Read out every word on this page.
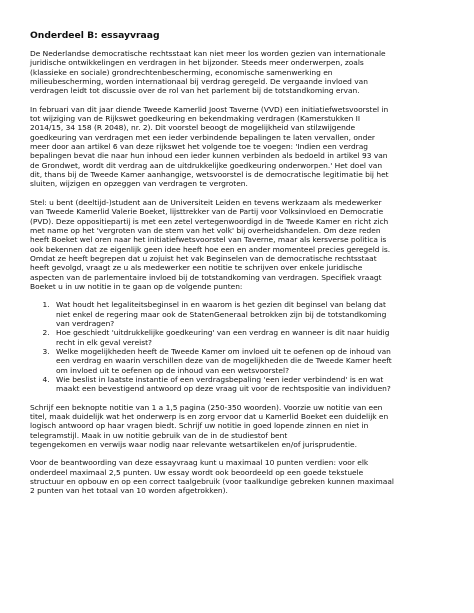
Onderdeel B: essayvraag
De Nederlandse democratische rechtsstaat kan niet meer los worden gezien van internationale
juridische ontwikkelingen en verdragen in het bijzonder. Steeds meer onderwerpen, zoals
(klassieke en sociale) grondrechtenbescherming, economische samenwerking en
milieubescherming, worden internationaal bij verdrag geregeld. De vergaande invloed van
verdragen leidt tot discussie over de rol van het parlement bij de totstandkoming ervan.
In februari van dit jaar diende Tweede Kamerlid Joost Taverne (VVD) een initiatiefwetsvoorstel in
tot wijziging van de Rijkswet goedkeuring en bekendmaking verdragen (Kamerstukken II
2014/15, 34 158 (R 2048), nr. 2). Dit voorstel beoogt de mogelijkheid van stilzwijgende
goedkeuring van verdragen met een ieder verbindende bepalingen te laten vervallen, onder
meer door aan artikel 6 van deze rijkswet het volgende toe te voegen: 'Indien een verdrag
bepalingen bevat die naar hun inhoud een ieder kunnen verbinden als bedoeld in artikel 93 van
de Grondwet, wordt dit verdrag aan de uitdrukkelijke goedkeuring onderworpen.' Het doel van
dit, thans bij de Tweede Kamer aanhangige, wetsvoorstel is de democratische legitimatie bij het
sluiten, wijzigen en opzeggen van verdragen te vergroten.
Stel: u bent (deeltijd-)student aan de Universiteit Leiden en tevens werkzaam als medewerker
van Tweede Kamerlid Valerie Boeket, lijsttrekker van de Partij voor Volksinvloed en Democratie
(PVD). Deze oppositiepartij is met een zetel vertegenwoordigd in de Tweede Kamer en richt zich
met name op het 'vergroten van de stem van het volk' bij overheidshandelen. Om deze reden
heeft Boeket wel oren naar het initiatiefwetsvoorstel van Taverne, maar als kersverse politica is
ook bekennen dat ze eigenlijk geen idee heeft hoe een en ander momenteel precies geregeld is.
Omdat ze heeft begrepen dat u zojuist het vak Beginselen van de democratische rechtsstaat
heeft gevolgd, vraagt ze u als medewerker een notitie te schrijven over enkele juridische
aspecten van de parlementaire invloed bij de totstandkoming van verdragen. Specifiek vraagt
Boeket u in uw notitie in te gaan op de volgende punten:
1. Wat houdt het legaliteitsbeginsel in en waarom is het gezien dit beginsel van belang dat
niet enkel de regering maar ook de StatenGeneraal betrokken zijn bij de totstandkoming
van verdragen?
2. Hoe geschiedt 'uitdrukkelijke goedkeuring' van een verdrag en wanneer is dit naar huidig
recht in elk geval vereist?
3. Welke mogelijkheden heeft de Tweede Kamer om invloed uit te oefenen op de inhoud van
een verdrag en waarin verschillen deze van de mogelijkheden die de Tweede Kamer heeft
om invloed uit te oefenen op de inhoud van een wetsvoorstel?
4. Wie beslist in laatste instantie of een verdragsbepaling 'een ieder verbindend' is en wat
maakt een bevestigend antwoord op deze vraag uit voor de rechtspositie van individuen?
Schrijf een beknopte notitie van 1 a 1,5 pagina (250-350 woorden). Voorzie uw notitie van een
titel, maak duidelijk wat het onderwerp is en zorg ervoor dat u Kamerlid Boeket een duidelijk en
logisch antwoord op haar vragen biedt. Schrijf uw notitie in goed lopende zinnen en niet in
telegramstijl. Maak in uw notitie gebruik van de in de studiestof bent
tegengekomen en verwijs waar nodig naar relevante wetsartikelen en/of jurisprudentie.
Voor de beantwoording van deze essayvraag kunt u maximaal 10 punten verdien: voor elk
onderdeel maximaal 2,5 punten. Uw essay wordt ook beoordeeld op een goede tekstuele
structuur en opbouw en op een correct taalgebruik (voor taalkundige gebreken kunnen maximaal
2 punten van het totaal van 10 worden afgetrokken).
